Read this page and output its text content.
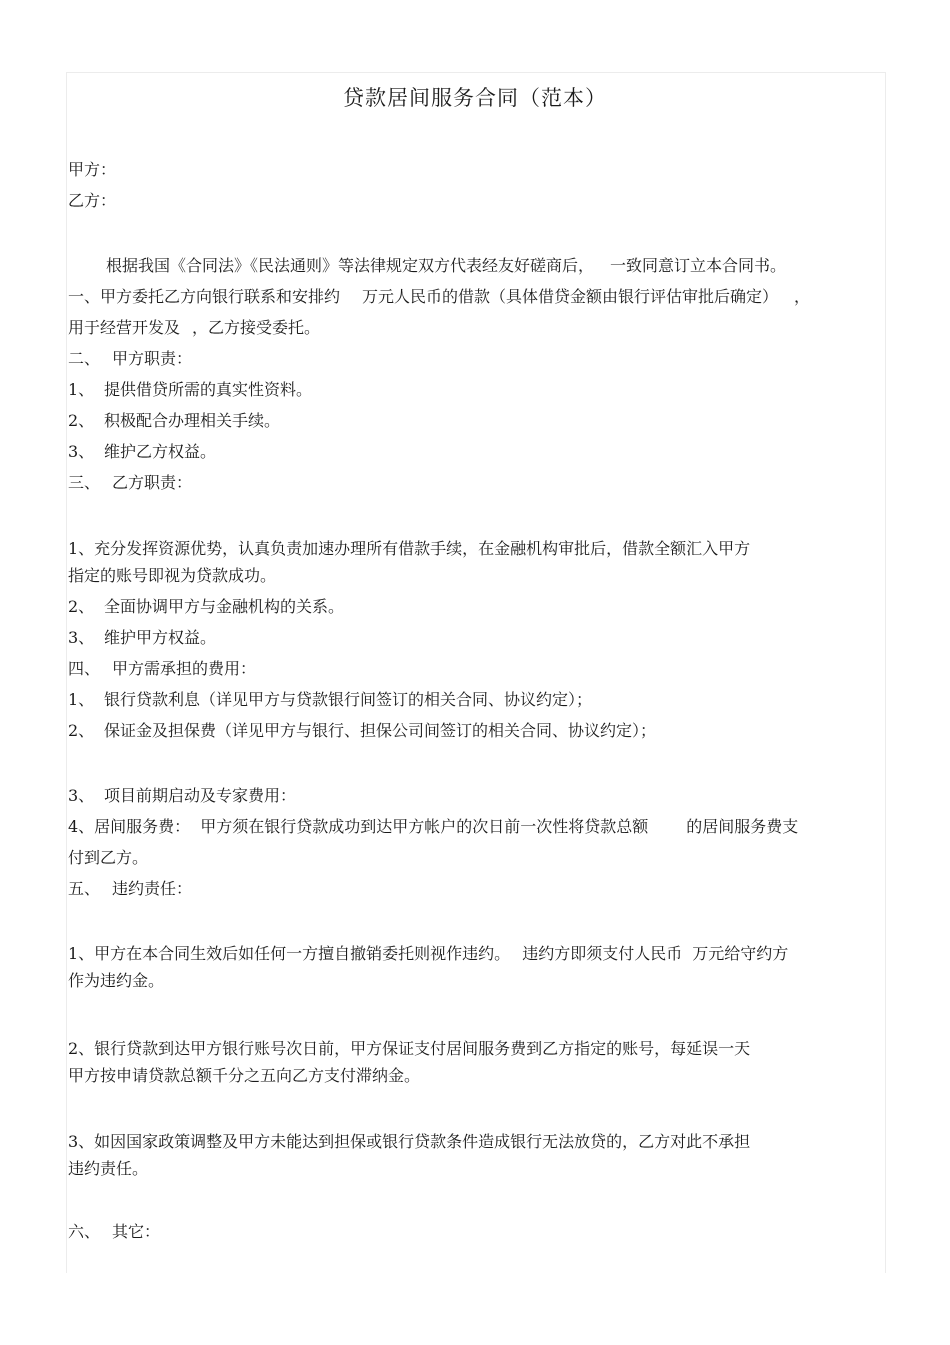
贷款居间服务合同（范本）
甲方：
乙方：
根据我国《合同法》《民法通则》等法律规定双方代表经友好磋商后， 一致同意订立本合同书。
一、甲方委托乙方向银行联系和安排约 万元人民币的借款（具体借贷金额由银行评估审批后确定） ，
用于经营开发及 ，乙方接受委托。
二、 甲方职责：
1、 提供借贷所需的真实性资料。
2、 积极配合办理相关手续。
3、 维护乙方权益。
三、 乙方职责：
1、充分发挥资源优势，认真负责加速办理所有借款手续，在金融机构审批后，借款全额汇入甲方
指定的账号即视为贷款成功。
2、 全面协调甲方与金融机构的关系。
3、 维护甲方权益。
四、 甲方需承担的费用：
1、 银行贷款利息（详见甲方与贷款银行间签订的相关合同、协议约定）；
2、 保证金及担保费（详见甲方与银行、担保公司间签订的相关合同、协议约定）；
3、 项目前期启动及专家费用：
4、居间服务费： 甲方须在银行贷款成功到达甲方帐户的次日前一次性将贷款总额 的居间服务费支
付到乙方。
五、 违约责任：
1、甲方在本合同生效后如任何一方擅自撤销委托则视作违约。 违约方即须支付人民币 万元给守约方
作为违约金。
2、银行贷款到达甲方银行账号次日前，甲方保证支付居间服务费到乙方指定的账号，每延误一天
甲方按申请贷款总额千分之五向乙方支付滞纳金。
3、如因国家政策调整及甲方未能达到担保或银行贷款条件造成银行无法放贷的，乙方对此不承担
违约责任。
六、 其它：
